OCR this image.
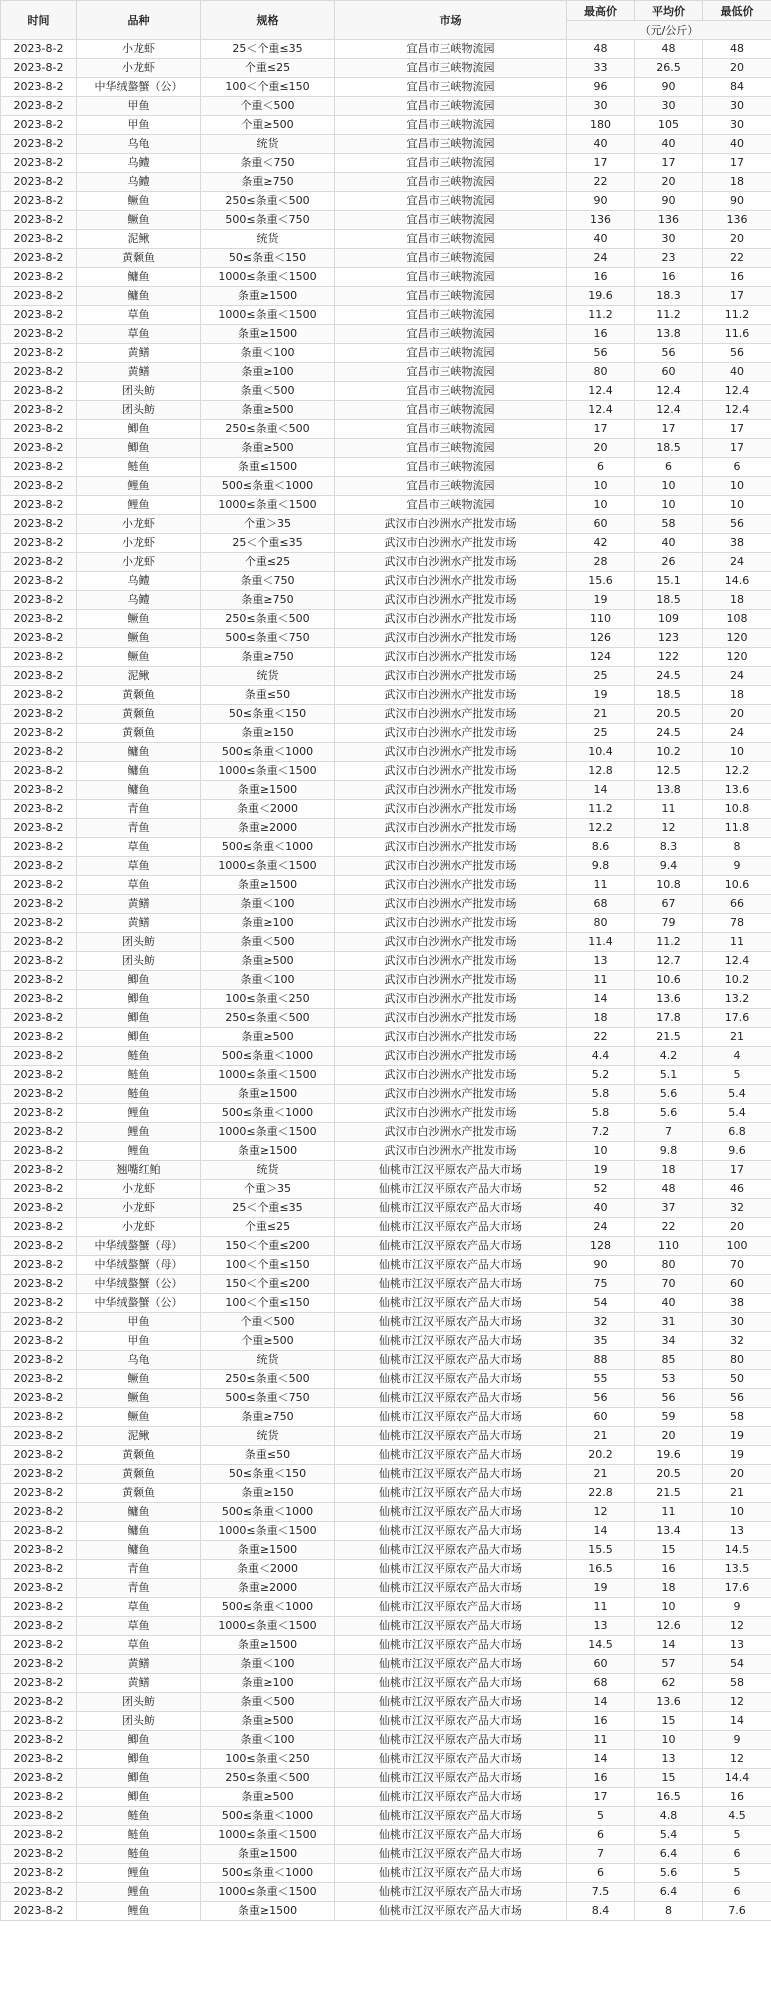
时间	品种	规格	市场	最高价	平均价	最低价
				（元/公斤）		
2023-8-2	小龙虾	25＜个重≤35	宜昌市三峡物流园	48	48	48
2023-8-2	小龙虾	个重≤25	宜昌市三峡物流园	33	26.5	20
2023-8-2	中华绒螯蟹（公）	100＜个重≤150	宜昌市三峡物流园	96	90	84
2023-8-2	甲鱼	个重＜500	宜昌市三峡物流园	30	30	30
2023-8-2	甲鱼	个重≥500	宜昌市三峡物流园	180	105	30
2023-8-2	乌龟	统货	宜昌市三峡物流园	40	40	40
2023-8-2	乌鳢	条重＜750	宜昌市三峡物流园	17	17	17
2023-8-2	乌鳢	条重≥750	宜昌市三峡物流园	22	20	18
2023-8-2	鳜鱼	250≤条重＜500	宜昌市三峡物流园	90	90	90
2023-8-2	鳜鱼	500≤条重＜750	宜昌市三峡物流园	136	136	136
2023-8-2	泥鳅	统货	宜昌市三峡物流园	40	30	20
2023-8-2	黄颡鱼	50≤条重＜150	宜昌市三峡物流园	24	23	22
2023-8-2	鳙鱼	1000≤条重＜1500	宜昌市三峡物流园	16	16	16
2023-8-2	鳙鱼	条重≥1500	宜昌市三峡物流园	19.6	18.3	17
2023-8-2	草鱼	1000≤条重＜1500	宜昌市三峡物流园	11.2	11.2	11.2
2023-8-2	草鱼	条重≥1500	宜昌市三峡物流园	16	13.8	11.6
2023-8-2	黄鳝	条重＜100	宜昌市三峡物流园	56	56	56
2023-8-2	黄鳝	条重≥100	宜昌市三峡物流园	80	60	40
2023-8-2	团头鲂	条重＜500	宜昌市三峡物流园	12.4	12.4	12.4
2023-8-2	团头鲂	条重≥500	宜昌市三峡物流园	12.4	12.4	12.4
2023-8-2	鲫鱼	250≤条重＜500	宜昌市三峡物流园	17	17	17
2023-8-2	鲫鱼	条重≥500	宜昌市三峡物流园	20	18.5	17
2023-8-2	鲢鱼	条重≤1500	宜昌市三峡物流园	6	6	6
2023-8-2	鲤鱼	500≤条重＜1000	宜昌市三峡物流园	10	10	10
2023-8-2	鲤鱼	1000≤条重＜1500	宜昌市三峡物流园	10	10	10
2023-8-2	小龙虾	个重＞35	武汉市白沙洲水产批发市场	60	58	56
2023-8-2	小龙虾	25＜个重≤35	武汉市白沙洲水产批发市场	42	40	38
2023-8-2	小龙虾	个重≤25	武汉市白沙洲水产批发市场	28	26	24
2023-8-2	乌鳢	条重＜750	武汉市白沙洲水产批发市场	15.6	15.1	14.6
2023-8-2	乌鳢	条重≥750	武汉市白沙洲水产批发市场	19	18.5	18
2023-8-2	鳜鱼	250≤条重＜500	武汉市白沙洲水产批发市场	110	109	108
2023-8-2	鳜鱼	500≤条重＜750	武汉市白沙洲水产批发市场	126	123	120
2023-8-2	鳜鱼	条重≥750	武汉市白沙洲水产批发市场	124	122	120
2023-8-2	泥鳅	统货	武汉市白沙洲水产批发市场	25	24.5	24
2023-8-2	黄颡鱼	条重≤50	武汉市白沙洲水产批发市场	19	18.5	18
2023-8-2	黄颡鱼	50≤条重＜150	武汉市白沙洲水产批发市场	21	20.5	20
2023-8-2	黄颡鱼	条重≥150	武汉市白沙洲水产批发市场	25	24.5	24
2023-8-2	鳙鱼	500≤条重＜1000	武汉市白沙洲水产批发市场	10.4	10.2	10
2023-8-2	鳙鱼	1000≤条重＜1500	武汉市白沙洲水产批发市场	12.8	12.5	12.2
2023-8-2	鳙鱼	条重≥1500	武汉市白沙洲水产批发市场	14	13.8	13.6
2023-8-2	青鱼	条重＜2000	武汉市白沙洲水产批发市场	11.2	11	10.8
2023-8-2	青鱼	条重≥2000	武汉市白沙洲水产批发市场	12.2	12	11.8
2023-8-2	草鱼	500≤条重＜1000	武汉市白沙洲水产批发市场	8.6	8.3	8
2023-8-2	草鱼	1000≤条重＜1500	武汉市白沙洲水产批发市场	9.8	9.4	9
2023-8-2	草鱼	条重≥1500	武汉市白沙洲水产批发市场	11	10.8	10.6
2023-8-2	黄鳝	条重＜100	武汉市白沙洲水产批发市场	68	67	66
2023-8-2	黄鳝	条重≥100	武汉市白沙洲水产批发市场	80	79	78
2023-8-2	团头鲂	条重＜500	武汉市白沙洲水产批发市场	11.4	11.2	11
2023-8-2	团头鲂	条重≥500	武汉市白沙洲水产批发市场	13	12.7	12.4
2023-8-2	鲫鱼	条重＜100	武汉市白沙洲水产批发市场	11	10.6	10.2
2023-8-2	鲫鱼	100≤条重＜250	武汉市白沙洲水产批发市场	14	13.6	13.2
2023-8-2	鲫鱼	250≤条重＜500	武汉市白沙洲水产批发市场	18	17.8	17.6
2023-8-2	鲫鱼	条重≥500	武汉市白沙洲水产批发市场	22	21.5	21
2023-8-2	鲢鱼	500≤条重＜1000	武汉市白沙洲水产批发市场	4.4	4.2	4
2023-8-2	鲢鱼	1000≤条重＜1500	武汉市白沙洲水产批发市场	5.2	5.1	5
2023-8-2	鲢鱼	条重≥1500	武汉市白沙洲水产批发市场	5.8	5.6	5.4
2023-8-2	鲤鱼	500≤条重＜1000	武汉市白沙洲水产批发市场	5.8	5.6	5.4
2023-8-2	鲤鱼	1000≤条重＜1500	武汉市白沙洲水产批发市场	7.2	7	6.8
2023-8-2	鲤鱼	条重≥1500	武汉市白沙洲水产批发市场	10	9.8	9.6
2023-8-2	翘嘴红鲌	统货	仙桃市江汉平原农产品大市场	19	18	17
2023-8-2	小龙虾	个重＞35	仙桃市江汉平原农产品大市场	52	48	46
2023-8-2	小龙虾	25＜个重≤35	仙桃市江汉平原农产品大市场	40	37	32
2023-8-2	小龙虾	个重≤25	仙桃市江汉平原农产品大市场	24	22	20
2023-8-2	中华绒螯蟹（母）	150＜个重≤200	仙桃市江汉平原农产品大市场	128	110	100
2023-8-2	中华绒螯蟹（母）	100＜个重≤150	仙桃市江汉平原农产品大市场	90	80	70
2023-8-2	中华绒螯蟹（公）	150＜个重≤200	仙桃市江汉平原农产品大市场	75	70	60
2023-8-2	中华绒螯蟹（公）	100＜个重≤150	仙桃市江汉平原农产品大市场	54	40	38
2023-8-2	甲鱼	个重＜500	仙桃市江汉平原农产品大市场	32	31	30
2023-8-2	甲鱼	个重≥500	仙桃市江汉平原农产品大市场	35	34	32
2023-8-2	乌龟	统货	仙桃市江汉平原农产品大市场	88	85	80
2023-8-2	鳜鱼	250≤条重＜500	仙桃市江汉平原农产品大市场	55	53	50
2023-8-2	鳜鱼	500≤条重＜750	仙桃市江汉平原农产品大市场	56	56	56
2023-8-2	鳜鱼	条重≥750	仙桃市江汉平原农产品大市场	60	59	58
2023-8-2	泥鳅	统货	仙桃市江汉平原农产品大市场	21	20	19
2023-8-2	黄颡鱼	条重≤50	仙桃市江汉平原农产品大市场	20.2	19.6	19
2023-8-2	黄颡鱼	50≤条重＜150	仙桃市江汉平原农产品大市场	21	20.5	20
2023-8-2	黄颡鱼	条重≥150	仙桃市江汉平原农产品大市场	22.8	21.5	21
2023-8-2	鳙鱼	500≤条重＜1000	仙桃市江汉平原农产品大市场	12	11	10
2023-8-2	鳙鱼	1000≤条重＜1500	仙桃市江汉平原农产品大市场	14	13.4	13
2023-8-2	鳙鱼	条重≥1500	仙桃市江汉平原农产品大市场	15.5	15	14.5
2023-8-2	青鱼	条重＜2000	仙桃市江汉平原农产品大市场	16.5	16	13.5
2023-8-2	青鱼	条重≥2000	仙桃市江汉平原农产品大市场	19	18	17.6
2023-8-2	草鱼	500≤条重＜1000	仙桃市江汉平原农产品大市场	11	10	9
2023-8-2	草鱼	1000≤条重＜1500	仙桃市江汉平原农产品大市场	13	12.6	12
2023-8-2	草鱼	条重≥1500	仙桃市江汉平原农产品大市场	14.5	14	13
2023-8-2	黄鳝	条重＜100	仙桃市江汉平原农产品大市场	60	57	54
2023-8-2	黄鳝	条重≥100	仙桃市江汉平原农产品大市场	68	62	58
2023-8-2	团头鲂	条重＜500	仙桃市江汉平原农产品大市场	14	13.6	12
2023-8-2	团头鲂	条重≥500	仙桃市江汉平原农产品大市场	16	15	14
2023-8-2	鲫鱼	条重＜100	仙桃市江汉平原农产品大市场	11	10	9
2023-8-2	鲫鱼	100≤条重＜250	仙桃市江汉平原农产品大市场	14	13	12
2023-8-2	鲫鱼	250≤条重＜500	仙桃市江汉平原农产品大市场	16	15	14.4
2023-8-2	鲫鱼	条重≥500	仙桃市江汉平原农产品大市场	17	16.5	16
2023-8-2	鲢鱼	500≤条重＜1000	仙桃市江汉平原农产品大市场	5	4.8	4.5
2023-8-2	鲢鱼	1000≤条重＜1500	仙桃市江汉平原农产品大市场	6	5.4	5
2023-8-2	鲢鱼	条重≥1500	仙桃市江汉平原农产品大市场	7	6.4	6
2023-8-2	鲤鱼	500≤条重＜1000	仙桃市江汉平原农产品大市场	6	5.6	5
2023-8-2	鲤鱼	1000≤条重＜1500	仙桃市江汉平原农产品大市场	7.5	6.4	6
2023-8-2	鲤鱼	条重≥1500	仙桃市江汉平原农产品大市场	8.4	8	7.6
